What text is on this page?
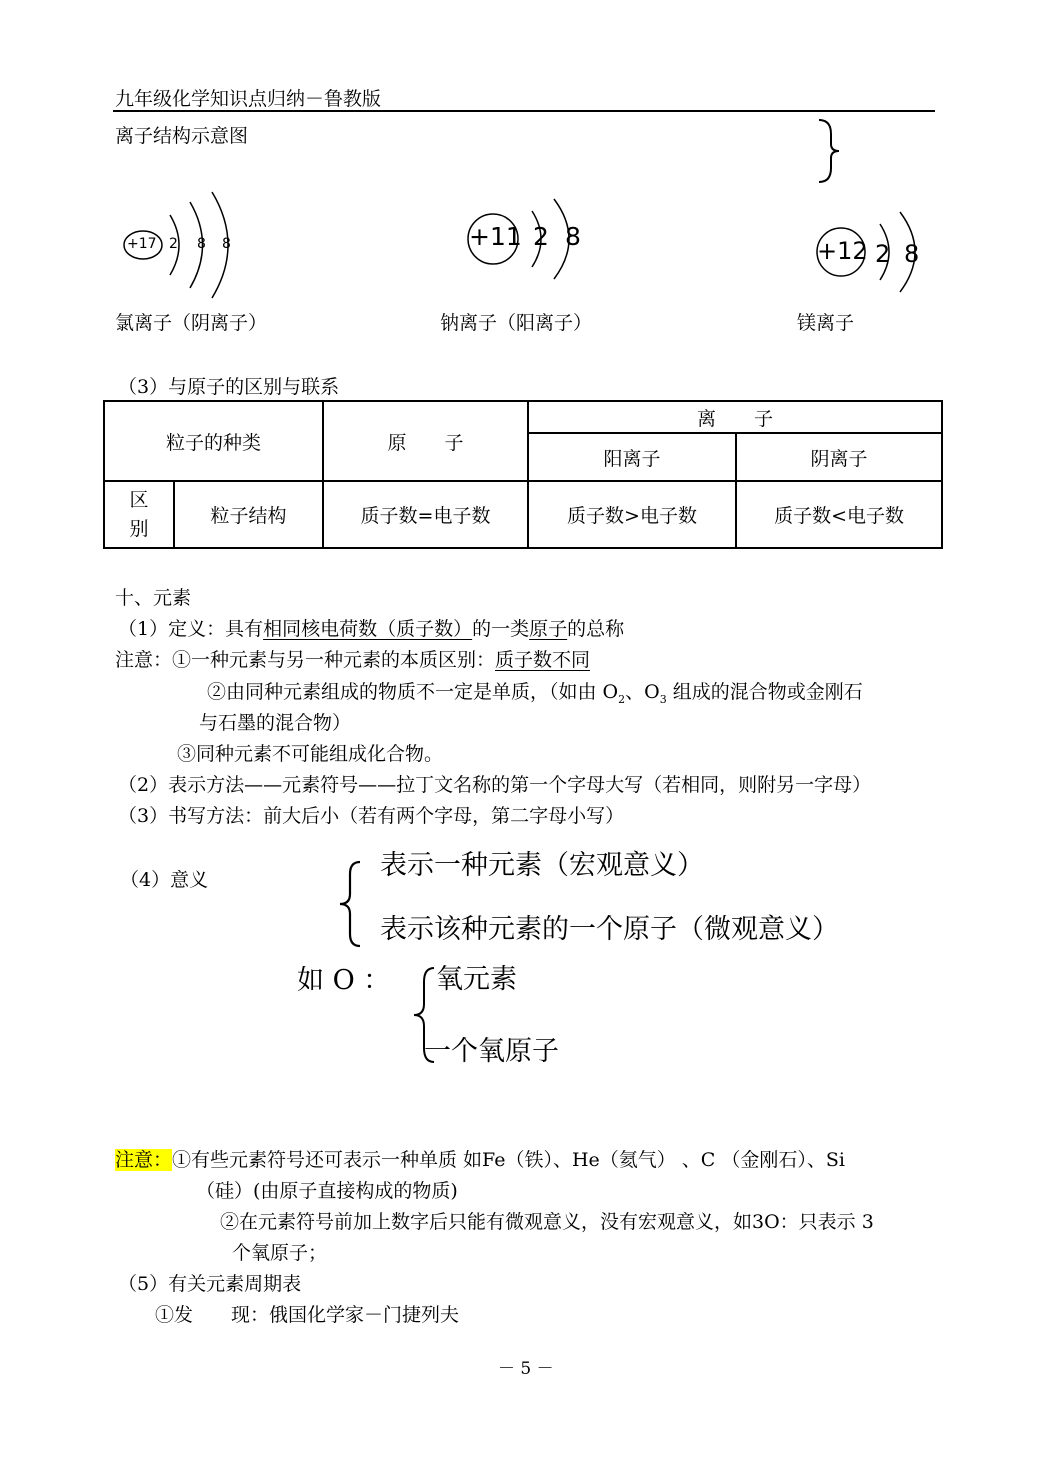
九年级化学知识点归纳－鲁教版
离子结构示意图
+17 2 8 8
氯离子（阴离子）
+11 2 8
钠离子（阳离子）
+12 2 8
镁离子
（3）与原子的区别与联系
粒子的种类		原　　子	离　　子	
			阳离子	阴离子

区
别	粒子结构	质子数=电子数	质子数>电子数	质子数<电子数
十、元素
（1）定义：具有相同核电荷数（质子数）的一类原子的总称
注意：①一种元素与另一种元素的本质区别：质子数不同
②由同种元素组成的物质不一定是单质，（如由 $O_2$、$O_3$ 组成的混合物或金刚石
与石墨的混合物）
③同种元素不可能组成化合物。
（2）表示方法——元素符号——拉丁文名称的第一个字母大写（若相同，则附另一字母）
（3）书写方法：前大后小（若有两个字母，第二字母小写）
（4）意义	表示一种元素（宏观意义）
表示该种元素的一个原子（微观意义）
如 O ： 氧元素
一个氧原子
注意：①有些元素符号还可表示一种单质 如Fe（铁）、He（氦气） 、C （金刚石）、Si
（硅）(由原子直接构成的物质)
②在元素符号前加上数字后只能有微观意义，没有宏观意义，如3O：只表示 3
个氧原子；
（5）有关元素周期表
①发　　现：俄国化学家－门捷列夫
－ 5 －
